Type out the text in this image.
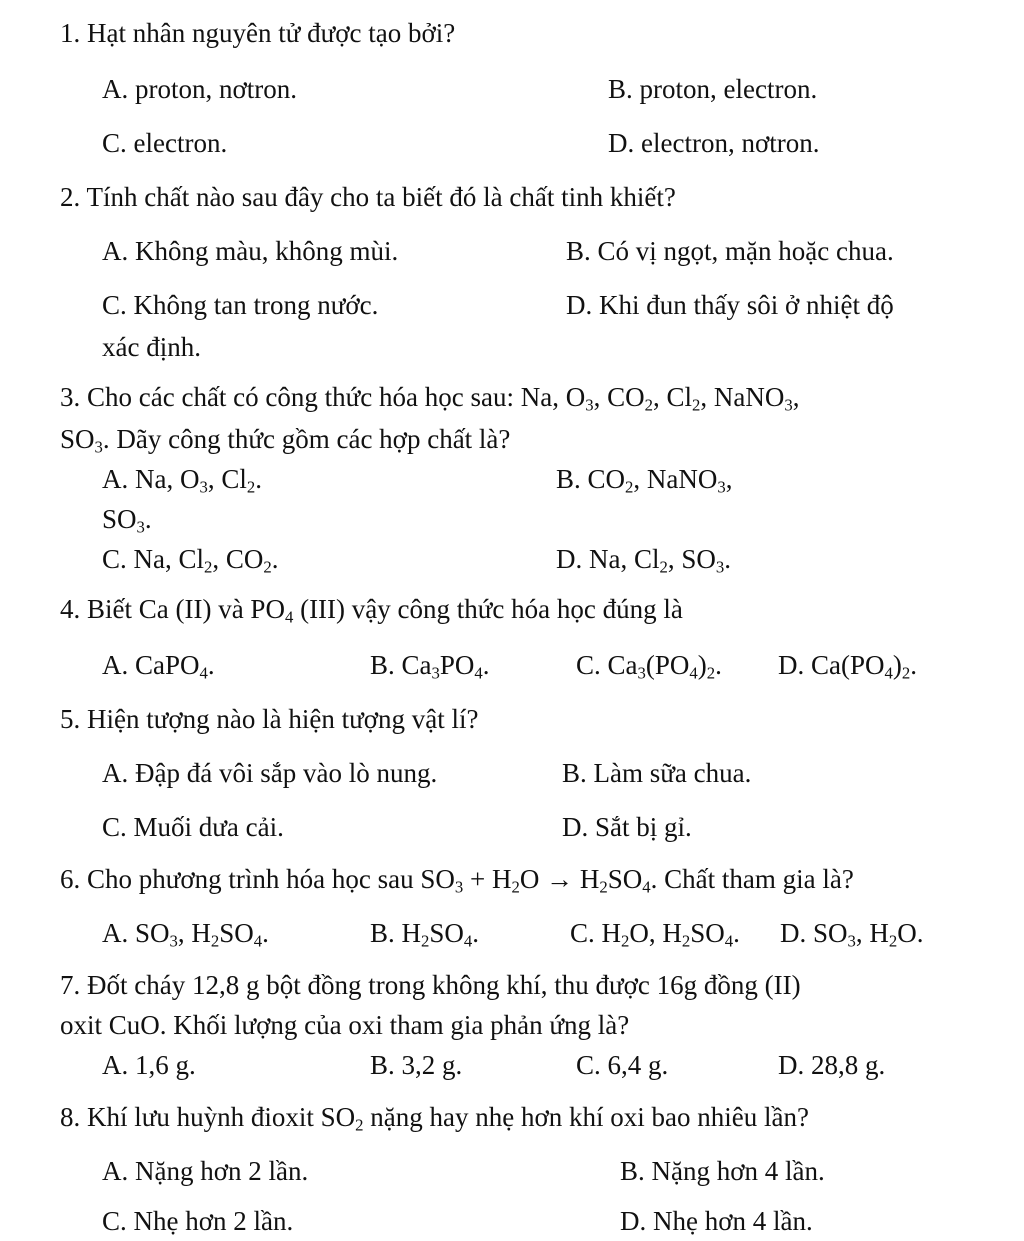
1. Hạt nhân nguyên tử được tạo bởi?
A. proton, nơtron.	B. proton, electron.
C. electron.	D. electron, nơtron.
2. Tính chất nào sau đây cho ta biết đó là chất tinh khiết?
A. Không màu, không mùi.	B. Có vị ngọt, mặn hoặc chua.
C. Không tan trong nước.	D. Khi đun thấy sôi ở nhiệt độ
xác định.
3. Cho các chất có công thức hóa học sau: Na, $O_3$, $CO_2$, $Cl_2$, NaNO$_3$,
$SO_3$. Dãy công thức gồm các hợp chất là?
A. Na, $O_3$, $Cl_2$.	B. $CO_2$, NaNO$_3$,
$SO_3$.
C. Na, $Cl_2$, $CO_2$.	D. Na, $Cl_2$, $SO_3$.
4. Biết Ca (II) và $PO_4$ (III) vậy công thức hóa học đúng là
A. CaPO$_4$.	B. $Ca_3PO_4$.	C. $Ca_3(PO_4)_2$. D. $Ca(PO_4)_2$.
5. Hiện tượng nào là hiện tượng vật lí?
A. Đập đá vôi sắp vào lò nung.	B. Làm sữa chua.
C. Muối dưa cải.	D. Sắt bị gỉ.
6. Cho phương trình hóa học sau $SO_3 + H_2O \to H_2SO_4$. Chất tham gia là?
A. $SO_3$, $H_2SO_4$.	B. $H_2SO_4$.	C. $H_2O$, $H_2SO_4$. D. $SO_3$, $H_2O$.
7. Đốt cháy 12,8 g bột đồng trong không khí, thu được 16g đồng (II)
oxit CuO. Khối lượng của oxi tham gia phản ứng là?
A. 1,6 g.	B. 3,2 g.	C. 6,4 g.	D. 28,8 g.
8. Khí lưu huỳnh đioxit $SO_2$ nặng hay nhẹ hơn khí oxi bao nhiêu lần?
A. Nặng hơn 2 lần.	B. Nặng hơn 4 lần.
C. Nhẹ hơn 2 lần.	D. Nhẹ hơn 4 lần.
